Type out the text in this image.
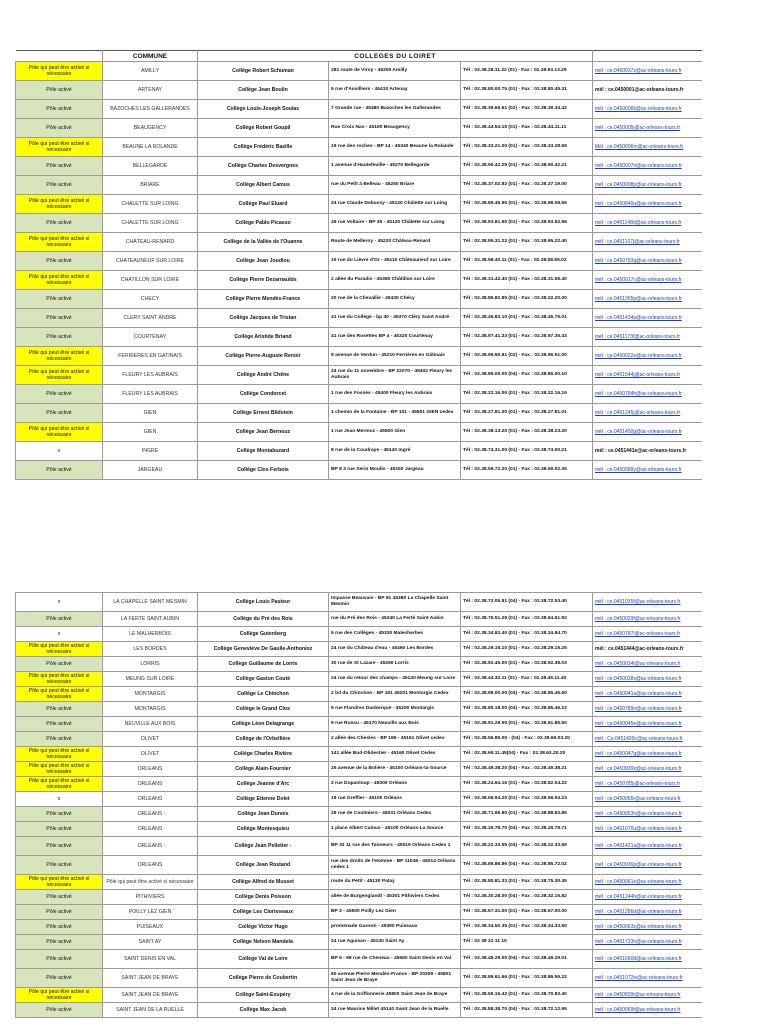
	COMMUNE	COLLEGES DU LOIRET			
Pôle qui peut être activé si nécessaire	AMILLY	Collège Robert Schuman	281 route de Viroy - 45200 Amilly	Tél : 02.38.28.11.22 (01) - Fax : 02.38.93.13.29	mél : ce.0450037z@ac-orleans-tours.fr
Pôle activé	ARTENAY	Collège Jean Boulin	9 rue d'Auvilliers - 45410 Artenay	Tél : 02.38.80.00.75 (01) - Fax : 02.38.80.45.31	mél : ce.0450001@ac-orleans-tours.fr
Pôle activé	BAZOCHES LES GALLERANDES	Collège Louis-Joseph Soulas	7 Grande rue - 45480 Bazoches les Gallerandes	Tél : 02.38.39.65.61 (02) - Fax : 02.38.39.34.42	mél : ce.0450006k@ac-orleans-tours.fr
Pôle activé	BEAUGENCY	Collège Robert Goupil	Rue Croix Nas - 45190 Beaugency	Tél : 02.38.44.54.19 (01) - Fax : 02.38.44.11.11	mél : ce.0450005j@ac-orleans-tours.fr
Pôle qui peut être activé si nécessaire	BEAUNE LA ROLANDE	Collège Frédéric Bazille	19 rue des roches - BP 14 - 45340 Beaune la Rolande	Tél : 02.38.33.21.00 (01) - Fax : 02.38.33.28.59	Mél : ce.0450006m@ac-orleans-tours.fr
Pôle activé	BELLEGARDE	Collège Charles Desvergnes	1 avenue d'Hautefeuille - 45270 Bellegarde	Tél : 02.38.90.42.29 (01) - Fax : 02.38.90.42.21	mél : ce.0450007n@ac-orleans-tours.fr
Pôle activé	BRIARE	Collège Albert Camus	rue du Petit à Belleau - 45250 Briare	Tél : 02.38.37.02.82 (01) - Fax : 02.38.37.19.00	mél : ce.0450008p@ac-orleans-tours.fr
Pôle qui peut être activé si nécessaire	CHALETTE SUR LOING	Collège Paul Eluard	24 rue Claude Debussy - 45120 Châlette sur Loing	Tél : 02.38.85.45.95 (01) - Fax : 02.38.98.08.56	mél : ce.0450840u@ac-orleans-tours.fr
Pôle activé	CHALETTE SUR LOING	Collège Pablo Picasso	45 rue Voltaire - BP 35 - 45120 Châlette sur Loing	Tél : 02.38.93.81.90 (01) - Fax : 02.38.93.52.96	mél : ce.0451148d@ac-orleans-tours.fr
Pôle qui peut être activé si nécessaire	CHÂTEAU-RENARD	Collège de la Vallée de l'Ouanne	Route de Melleroy - 45220 Château-Renard	Tél : 02.38.95.31.22 (01) - Fax : 02.38.95.22.40	mél : ce.0451107j@ac-orleans-tours.fr
Pôle activé	CHATEAUNEUF SUR LOIRE	Collège Jean Joudiou	19 rue du Lièvre d'Or - 45110 Châteauneuf sur Loire	Tél : 02.38.58.40.11 (01) - Fax : 02.38.58.55.02	mél : ce.0450783g@ac-orleans-tours.fr
Pôle qui peut être activé si nécessaire	CHATILLON SUR LOIRE	Collège Pierre Dezarnaulds	2 allée du Paradis - 45360 Châtillon sur Loire	Tél : 02.38.31.42.40 (01) - Fax : 02.38.31.56.40	mél : ce.0450017c@ac-orleans-tours.fr
Pôle activé	CHECY	Collège Pierre Mendès-France	20 rue de la Chevallie - 45430 Chécy	Tél : 02.38.86.82.85 (01) - Fax : 02.38.22.20.00	mél : ce.0451365p@ac-orleans-tours.fr
Pôle activé	CLERY SAINT ANDRE	Collège Jacques de Tristan	41 rue du Collège - bp 40 - 45370 Cléry Saint André	Tél : 02.38.45.83.10 (01) - Fax : 02.38.45.75.01	mél : ce.0451434p@ac-orleans-tours.fr
Pôle activé	COURTENAY	Collège Aristide Briand	41 rue des Rosettes BP 4 - 45320 Courtenay	Tél : 02.38.97.41.33 (01) - Fax : 02.38.97.35.43	mél : ce.0451173f@ac-orleans-tours.fr
Pôle qui peut être activé si nécessaire	FERRIERES EN GATINAIS	Collège Pierre-Auguste Renoir	9 avenue de Verdun - 45210 Ferrières en Gâtinais	Tél : 02.38.96.50.81 (02) - Fax : 02.38.96.51.00	mél : ce.0450022e@ac-orleans-tours.fr
Pôle qui peut être activé si nécessaire	FLEURY LES AUBRAIS	Collège André Chêne	24 rue du 11 novembre - BP 22070 - 45402 Fleury les Aubrais	Tél : 02.38.85.00.00 (04) - Fax : 02.38.85.00.10	mél : ce.0451544j@ac-orleans-tours.fr
Pôle activé	FLEURY LES AUBRAIS	Collège Condorcet	1 rue des Fossés - 45400 Fleury les Aubrais	Tél : 02.38.22.16.00 (01) - Fax : 02.38.22.16.19	mél : ce.0450784h@ac-orleans-tours.fr
Pôle activé	GIEN	Collège Ernest Bildstein	1 chemin de la Fontaine - BP 101 - 45501 GIEN cedex	Tél : 02.38.27.81.00 (01) - Fax : 02.38.27.81.01	mél : ce.0451245j@ac-orleans-tours.fr
Pôle qui peut être activé si nécessaire	GIEN	Collège Jean Bernouz	1 rue Jean Mermoz - 45500 Gien	Tél : 02.38.38.13.20 (01) - Fax : 02.38.38.23.20	mél : ce.0451450g@ac-orleans-tours.fr
x	INGRE	Collège Montabuzard	8 rue de la Coudraye - 45140 Ingré	Tél : 02.38.74.31.00 (01) - Fax : 02.38.74.00.21	mél : ce.0451441e@ac-orleans-tours.fr
Pôle activé	JARGEAU	Collège Clos Ferbois	BP 8 3 rue Serin Moulin - 45150 Jargeau	Tél : 02.38.59.72.20 (01) - Fax : 02.38.59.02.35	mél : ce.0450089y@ac-orleans-tours.fr
x	LA CHAPELLE SAINT MESMIN	Collège Louis Pasteur	Impasse Beauvais - BP 81 45380 La Chapelle Saint Mesmin	Tél : 02.38.72.05.81 (04) - Fax : 02.38.72.53.40	mél : ce.0451035f@ac-orleans-tours.fr
Pôle activé	LA FERTE SAINT AUBIN	Collège du Pré des Rois	rue du Pré des Rois - 45240 La Ferté Saint Aubin	Tél : 02.38.76.51.29 (01) - Fax : 02.38.64.61.92	mél : ce.0450029f@ac-orleans-tours.fr
x	LE MALHERBOIS	Collège Gutenberg	9 rue des Collèges - 45330 Malesherbes	Tél : 02.38.34.83.40 (01) - Fax : 02.38.34.84.70	mél : ce.0450787l@ac-orleans-tours.fr
Pôle qui peut être activé si nécessaire	LES BORDES	Collège Geneviève De Gaulle-Anthonioz	24 rue du Château d'eau - 45460 Les Bordes	Tél : 02.38.29.15.10 (01) - Fax : 02.38.29.15.25	mél : ce.0451444@ac-orleans-tours.fr
Pôle activé	LORRIS	Collège Guillaume de Lorris	30 rue de St Lazare - 45260 Lorris	Tél : 02.38.92.45.00 (01) - Fax : 02.38.92.38.03	mél : ce.0450034t@ac-orleans-tours.fr
Pôle qui peut être activé si nécessaire	MEUNG SUR LOIRE	Collège Gaston Couté	24 rue du retour des champs - 45130 Meung sur Loire	Tél : 02.38.44.32.11 (01) - Fax : 02.38.45.11.40	mél : ce.0450038x@ac-orleans-tours.fr
Pôle qui peut être activé si nécessaire	MONTARGIS	Collège Le Chinchon	2 bd du Chinchon - BP 161 45201 Montargis Cedex	Tél : 02.38.98.00.00 (04) - Fax : 02.38.85.45.60	mél : ce.0450041a@ac-orleans-tours.fr
Pôle activé	MONTARGIS	Collège le Grand Clos	9 rue Flandres Dunkerque - 45200 Montargis	Tél : 02.38.85.18.00 (04) - Fax : 02.38.85.46.22	mél : ce.0450789n@ac-orleans-tours.fr
Pôle activé	NEUVILLE AUX BOIS	Collège Léon Delagrange	9 rue Russu - 45170 Neuville aux Bois	Tél : 02.38.91.29.50 (01) - Fax : 02.38.91.85.50	mél : ce.0450045e@ac-orleans-tours.fr
Pôle activé	OLIVET	Collège de l'Orbellière	2 allée des Chesles - BP 185 - 45161 Olivet cedex	Tél : 02.38.56.85.00 - (04) - Fax : 02.38.69.03.20	mél : Ce.0451499c@ac-orleans-tours.fr
Pôle qui peut être activé si nécessaire	OLIVET	Collège Charles Rivière	141 allée Bud-Olidestier - 45160 Olivet Cedex	Tél : 02.38.69.11.45(04) - Fax : 02.38.63.20.20	mél : ce.0450047g@ac-orleans-tours.fr
Pôle qui peut être activé si nécessaire	ORLEANS	Collège Alain-Fournier	25 avenue de la Bolière - 45100 Orléans-la-Source	Tél : 02.38.49.38.20 (04) - Fax : 02.38.49.38.21	mél : ce.0450939x@ac-orleans-tours.fr
Pôle qui peut être activé si nécessaire	ORLEANS	Collège Jeanne d'Arc	2 rue Dupanloup - 45000 Orléans	Tél : 02.38.24.64.16 (01) - Fax : 02.38.82.04.22	mél : ce.0450785j@ac-orleans-tours.fr
x	ORLEANS	Collège Etienne Dolet	18 rue Greffier - 45100 Orléans	Tél : 02.38.56.94.20 (01) - Fax : 02.38.56.94.23	mél : ce.0450055r@ac-orleans-tours.fr
Pôle activé	ORLEANS	Collège Jean Dunois	28 rue de Coulmiers - 45031 Orléans Cedex	Tél : 02.38.71.96.80 (01) - Fax : 02.38.88.83.85	mél : ce.0450053n@ac-orleans-tours.fr
Pôle activé	ORLEANS	Collège Montesquieu	1 place Albert Camus - 45100 Orléans-La Source	Tél : 02.38.25.78.70 (04) - Fax : 02.38.25.78.71	mél : ce.0451070u@ac-orleans-tours.fr
Pôle activé	ORLEANS	Collège Jean Pelletier -	BP 33 11 rue des Tanneurs - 45019 Orléans Cedex 1	Tél : 02.38.22.33.55 (04) - Fax : 02.38.22.33.59	mél : ce.0451421a@ac-orleans-tours.fr
Pôle activé	ORLEANS	Collège Jean Rostand	rue des droits de l'Homme - BP 11048 - 45014 Orléans cedex 1	Tél : 02.38.86.86.86 (04) - Fax : 02.38.86.72.02	mél : ce.0450936p@ac-orleans-tours.fr
Pôle qui peut être activé si nécessaire	Pôle qui peut être activé si nécessaire	Collège Alfred de Musset	route du Petit - 45130 Patay	Tél : 02.38.80.81.33 (01) - Fax : 02.38.75.30.45	mél : ce.0450061x@ac-orleans-tours.fr
Pôle activé	PITHIVIERS	Collège Denis Poisson	allée de Burgenglandt - 45301 Pithiviers Cedex	Tél : 02.38.30.28.00 (04) - Fax : 02.38.32.15.82	mél : ce.0451244h@ac-orleans-tours.fr
Pôle activé	POILLY LEZ GIEN	Collège Les Clorisseaux	BP 2 - 45500 Poilly Lez Gien	Tél : 02.38.67.31.00 (01) - Fax : 02.38.67.00.00	mél : ce.0451286d@ac-orleans-tours.fr
Pôle activé	PUISEAUX	Collège Victor Hugo	promenade Gasson - 45390 Puiseaux	Tél : 02.38.34.50.35 (01) - Fax : 02.38.34.33.50	mél : ce.0450063z@ac-orleans-tours.fr
Pôle activé	SAINT AY	Collège Nelson Mandela	24 rue Aguisan - 45130 Saint Ay	Tél : 02 38 22 11 10	mél : ce.0451733n@ac-orleans-tours.fr
Pôle activé	SAINT DENIS EN VAL	Collège Val de Loire	BP 6 - 98 rue de Cheneau - 45560 Saint Denis en Val	Tél : 02.38.49.29.00 (04) - Fax : 02.38.49.29.01	mél : ce.0451660d@ac-orleans-tours.fr
Pôle activé	SAINT JEAN DE BRAYE	Collège Pierre de Coubertin	60 avenue Pierre Mendès-France - BP 20209 - 45801 Saint Jean de Braye	Tél : 02.38.86.61.66 (01) - Fax : 02.38.86.55.22	mél : ce.0451072w@ac-orleans-tours.fr
Pôle qui peut être activé si nécessaire	SAINT JEAN DE BRAYE	Collège Saint-Exupéry	4 rue de la Griffonnerie 45800 Saint Jean de Braye	Tél : 02.38.55.16.42 (01) - Fax : 02.38.70.83.40	mél : ce.0450839t@ac-orleans-tours.fr
Pôle activé	SAINT JEAN DE LA RUELLE	Collège Max Jacob	24 rue Maurice Millet 45140 Saint Jean de la Ruelle	Tél : 02.38.88.38.70 (04) - Fax : 02.38.72.12.95	mél : ce.0450069f@ac-orleans-tours.fr
